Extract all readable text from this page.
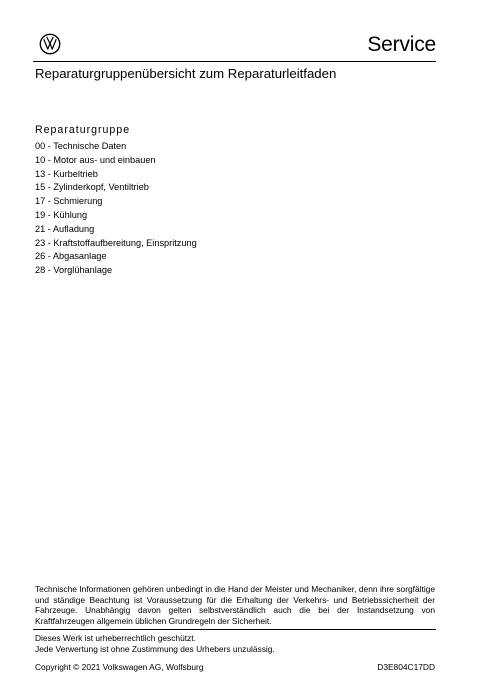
Service
Reparaturgruppenübersicht zum Reparaturleitfaden
Reparaturgruppe
00 - Technische Daten
10 - Motor aus- und einbauen
13 - Kurbeltrieb
15 - Zylinderkopf, Ventiltrieb
17 - Schmierung
19 - Kühlung
21 - Aufladung
23 - Kraftstoffaufbereitung, Einspritzung
26 - Abgasanlage
28 - Vorglühanlage
Technische Informationen gehören unbedingt in die Hand der Meister und Mechaniker, denn ihre sorgfältige und ständige Beachtung ist Voraussetzung für die Erhaltung der Verkehrs- und Betriebssicherheit der Fahrzeuge. Unabhängig davon gelten selbstverständlich auch die bei der Instandsetzung von Kraftfahrzeugen allgemein üblichen Grundregeln der Sicherheit.
Dieses Werk ist urheberrechtlich geschützt.
Jede Verwertung ist ohne Zustimmung des Urhebers unzulässig.
Copyright © 2021 Volkswagen AG, Wolfsburg	D3E804C17DD
